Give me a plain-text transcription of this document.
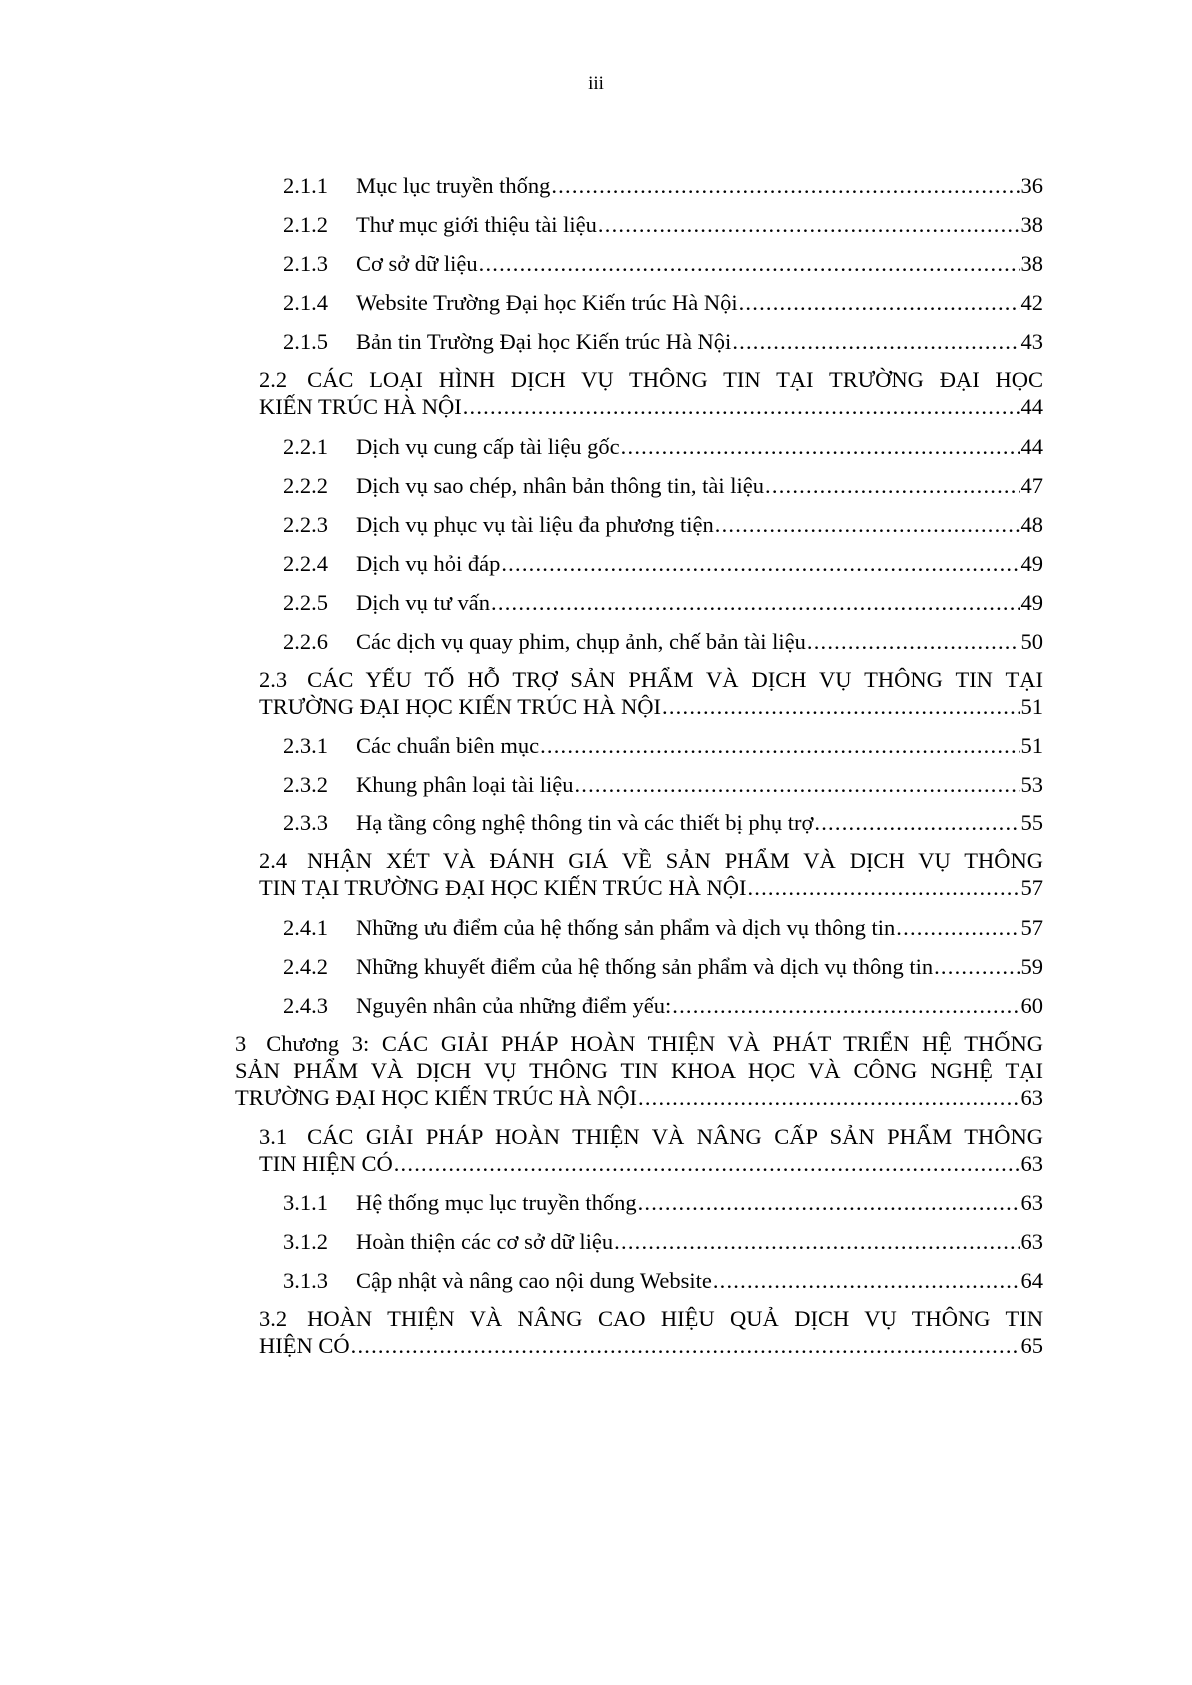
iii
2.1.1	Mục lục truyền thống .....	36
2.1.2	Thư mục giới thiệu tài liệu .....	38
2.1.3	Cơ sở dữ liệu .....	38
2.1.4	Website Trường Đại học Kiến trúc Hà Nội .....	42
2.1.5	Bản tin Trường Đại học Kiến trúc Hà Nội .....	43
2.2 CÁC LOẠI HÌNH DỊCH VỤ THÔNG TIN TẠI TRƯỜNG ĐẠI HỌC
KIẾN TRÚC HÀ NỘI .....	44
2.2.1	Dịch vụ cung cấp tài liệu gốc .....	44
2.2.2	Dịch vụ sao chép, nhân bản thông tin, tài liệu .....	47
2.2.3	Dịch vụ phục vụ tài liệu đa phương tiện .....	48
2.2.4	Dịch vụ hỏi đáp .....	49
2.2.5	Dịch vụ tư vấn .....	49
2.2.6	Các dịch vụ quay phim, chụp ảnh, chế bản tài liệu .....	50
2.3 CÁC YẾU TỐ HỖ TRỢ SẢN PHẨM VÀ DỊCH VỤ THÔNG TIN TẠI
TRƯỜNG ĐẠI HỌC KIẾN TRÚC HÀ NỘI .....	51
2.3.1	Các chuẩn biên mục .....	51
2.3.2	Khung phân loại tài liệu .....	53
2.3.3	Hạ tầng công nghệ thông tin và các thiết bị phụ trợ .....	55
2.4 NHẬN XÉT VÀ ĐÁNH GIÁ VỀ SẢN PHẨM VÀ DỊCH VỤ THÔNG
TIN TẠI TRƯỜNG ĐẠI HỌC KIẾN TRÚC HÀ NỘI .....	57
2.4.1	Những ưu điểm của hệ thống sản phẩm và dịch vụ thông tin .....	57
2.4.2	Những khuyết điểm của hệ thống sản phẩm và dịch vụ thông tin .....	59
2.4.3	Nguyên nhân của những điểm yếu: .....	60
3 Chương 3: CÁC GIẢI PHÁP HOÀN THIỆN VÀ PHÁT TRIỂN HỆ THỐNG
SẢN PHẨM VÀ DỊCH VỤ THÔNG TIN KHOA HỌC VÀ CÔNG NGHỆ TẠI
TRƯỜNG ĐẠI HỌC KIẾN TRÚC HÀ NỘI .....	63
3.1 CÁC GIẢI PHÁP HOÀN THIỆN VÀ NÂNG CẤP SẢN PHẨM THÔNG
TIN HIỆN CÓ .....	63
3.1.1	Hệ thống mục lục truyền thống .....	63
3.1.2	Hoàn thiện các cơ sở dữ liệu .....	63
3.1.3	Cập nhật và nâng cao nội dung Website .....	64
3.2 HOÀN THIỆN VÀ NÂNG CAO HIỆU QUẢ DỊCH VỤ THÔNG TIN
HIỆN CÓ .....	65
